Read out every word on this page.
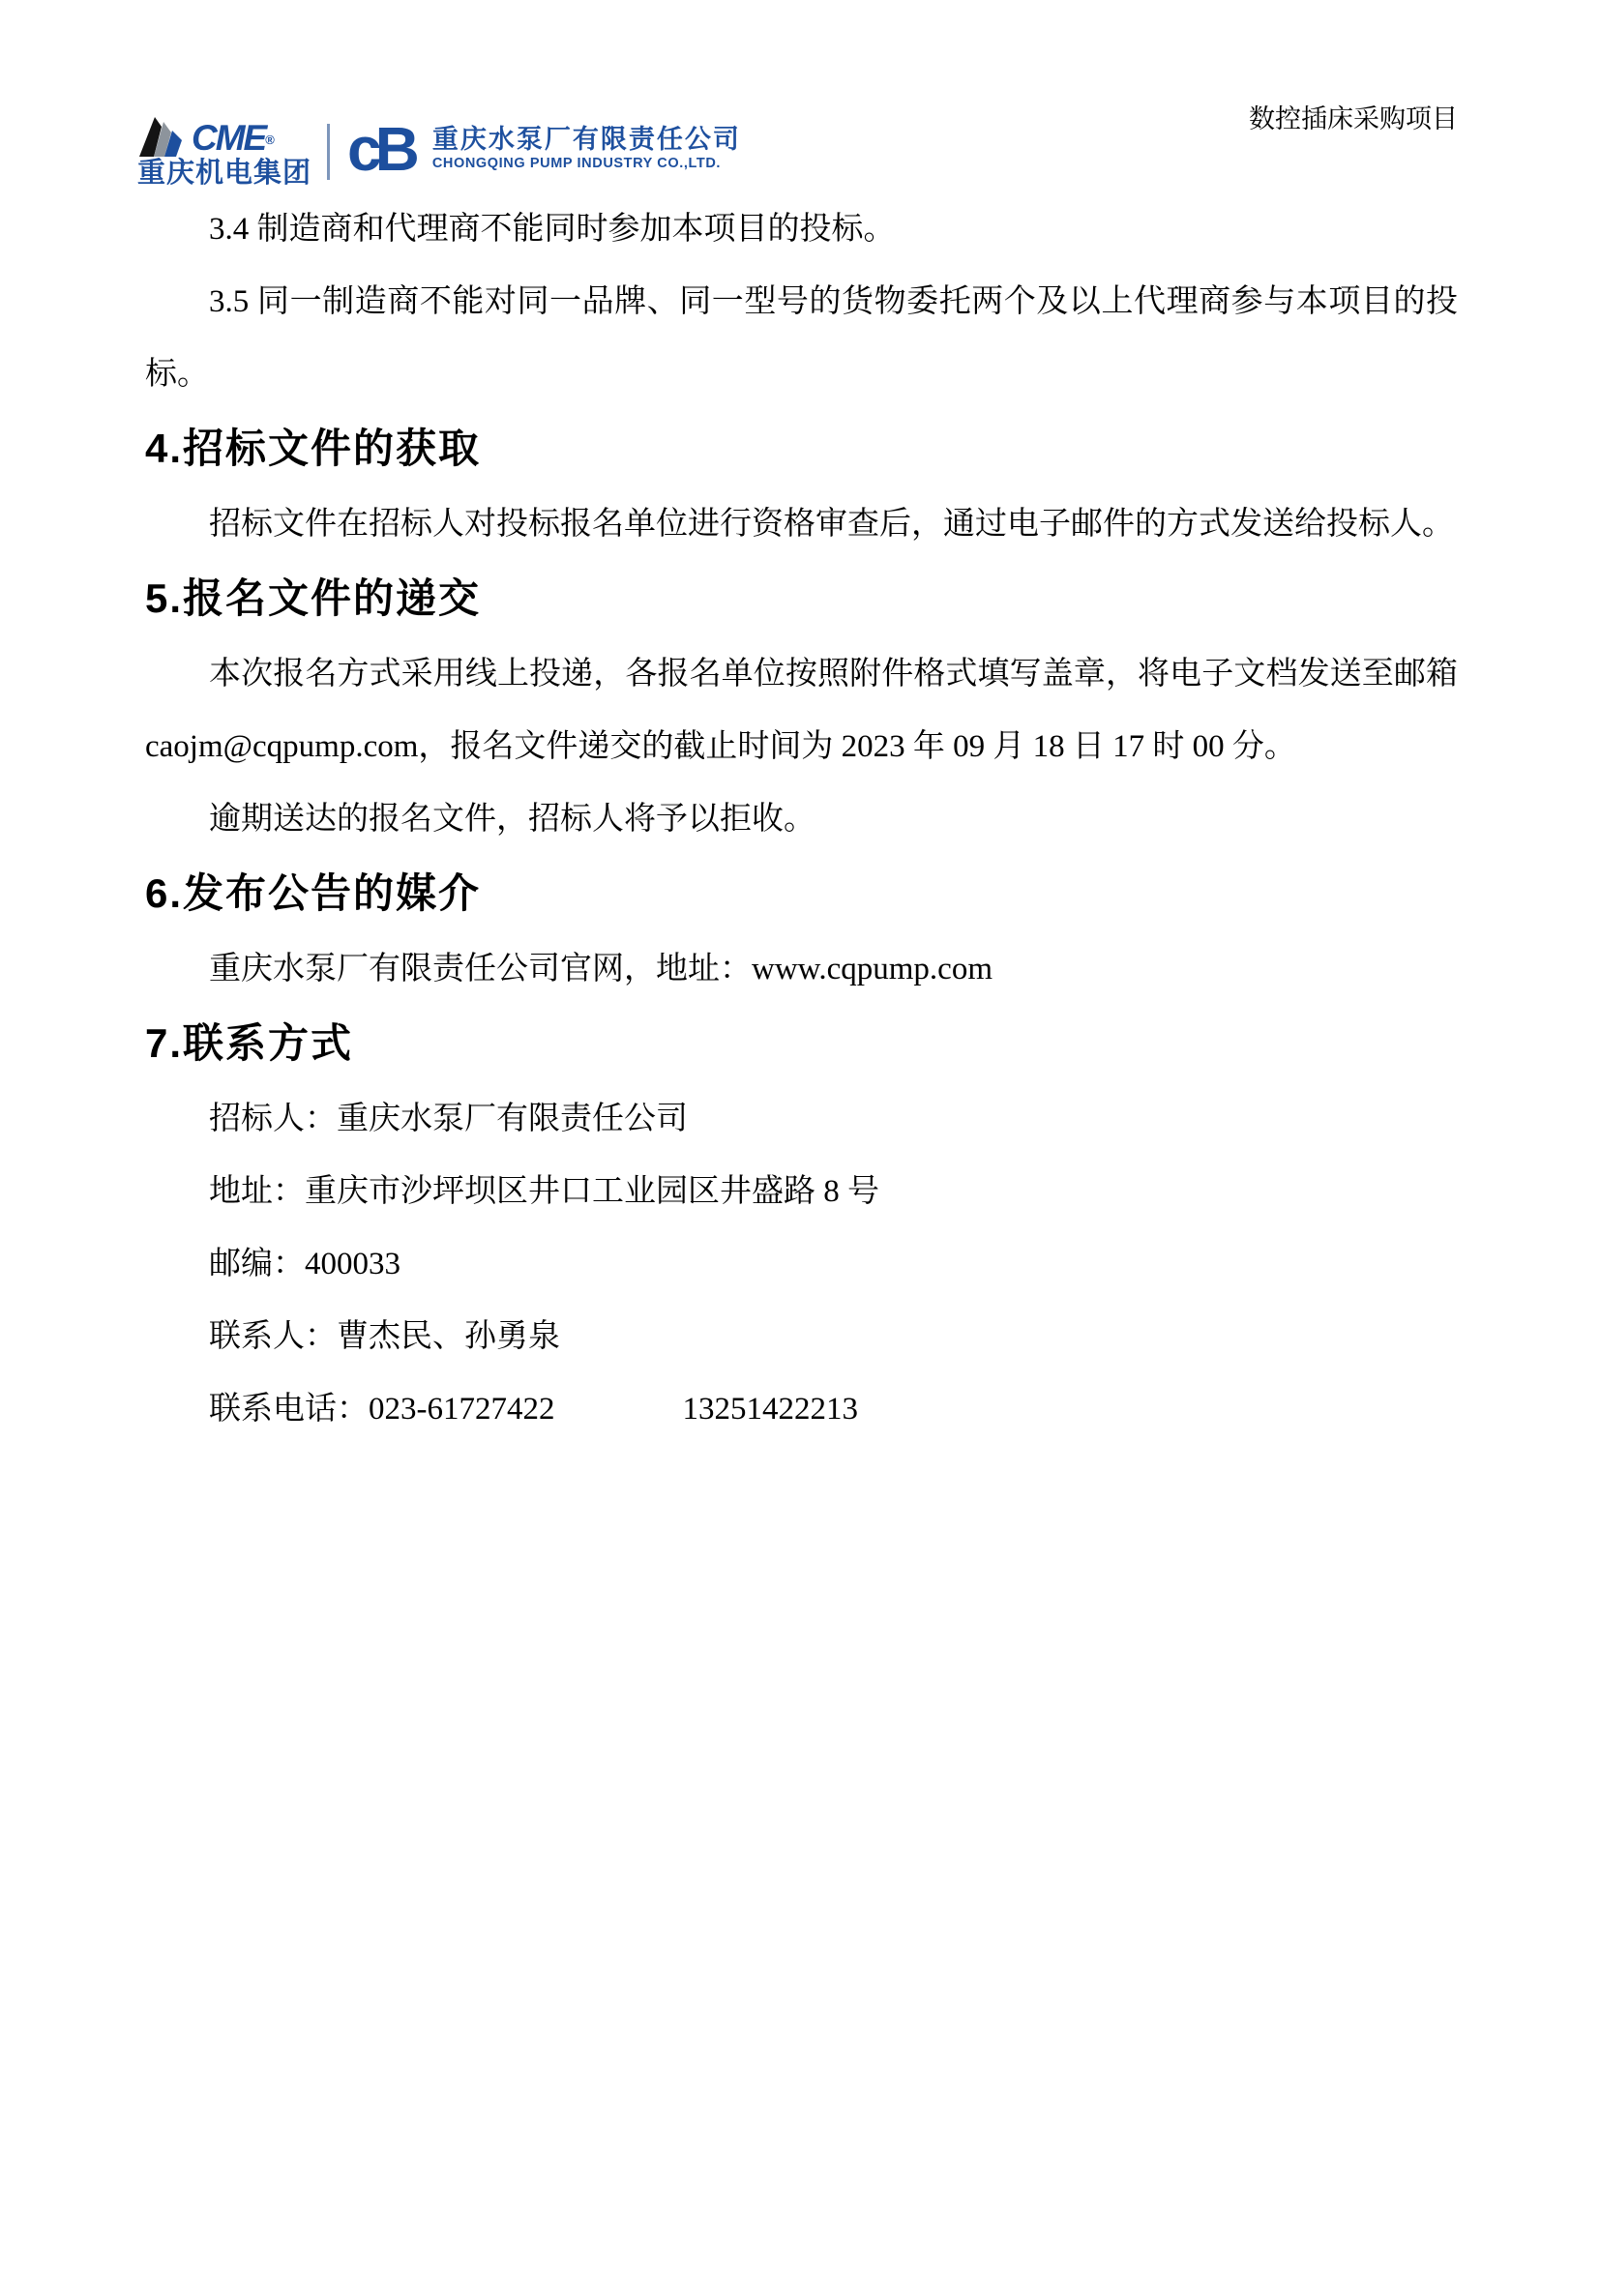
CME®
重庆机电集团 cB 重庆水泵厂有限责任公司
CHONGQING PUMP INDUSTRY CO.,LTD.
数控插床采购项目

3.4 制造商和代理商不能同时参加本项目的投标。

3.5 同一制造商不能对同一品牌、同一型号的货物委托两个及以上代理商参与本项目的投标。

4.招标文件的获取

招标文件在招标人对投标报名单位进行资格审查后，通过电子邮件的方式发送给投标人。

5.报名文件的递交

本次报名方式采用线上投递，各报名单位按照附件格式填写盖章，将电子文档发送至邮箱caojm@cqpump.com，报名文件递交的截止时间为 2023 年 09 月 18 日 17 时 00 分。

逾期送达的报名文件，招标人将予以拒收。

6.发布公告的媒介

重庆水泵厂有限责任公司官网，地址：www.cqpump.com

7.联系方式

招标人：重庆水泵厂有限责任公司

地址：重庆市沙坪坝区井口工业园区井盛路 8 号

邮编：400033

联系人：曹杰民、孙勇泉

联系电话：023-61727422　　　　13251422213
